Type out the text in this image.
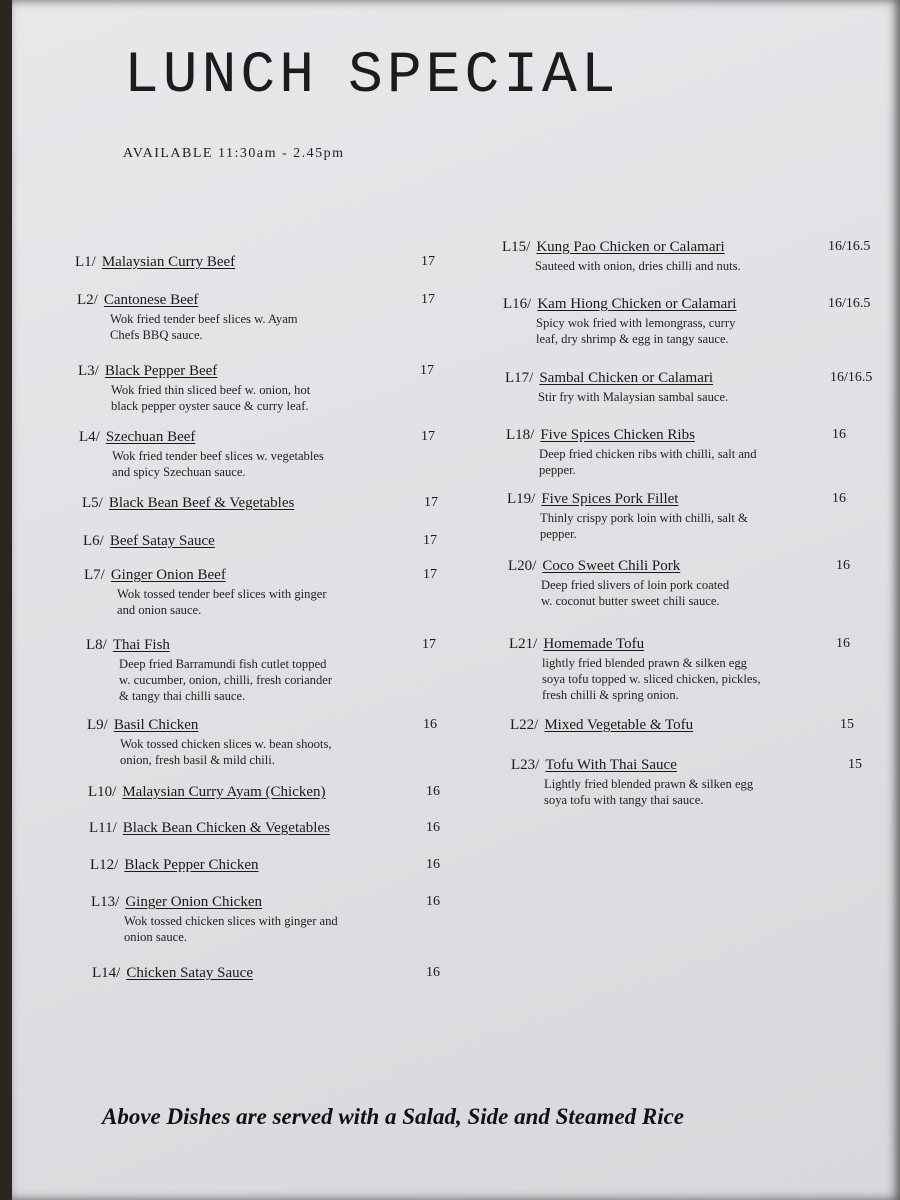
LUNCH SPECIAL
AVAILABLE 11:30am - 2.45pm
L1/ Malaysian Curry Beef	17
L2/ Cantonese Beef	17
Wok fried tender beef slices w. Ayam
Chefs BBQ sauce.
L3/ Black Pepper Beef	17
Wok fried thin sliced beef w. onion, hot
black pepper oyster sauce & curry leaf.
L4/ Szechuan Beef	17
Wok fried tender beef slices w. vegetables
and spicy Szechuan sauce.
L5/ Black Bean Beef & Vegetables	17
L6/ Beef Satay Sauce	17
L7/ Ginger Onion Beef	17
Wok tossed tender beef slices with ginger
and onion sauce.
L8/ Thai Fish	17
Deep fried Barramundi fish cutlet topped
w. cucumber, onion, chilli, fresh coriander
& tangy thai chilli sauce.
L9/ Basil Chicken	16
Wok tossed chicken slices w. bean shoots,
onion, fresh basil & mild chili.
L10/ Malaysian Curry Ayam (Chicken)	16
L11/ Black Bean Chicken & Vegetables	16
L12/ Black Pepper Chicken	16
L13/ Ginger Onion Chicken	16
Wok tossed chicken slices with ginger and
onion sauce.
L14/ Chicken Satay Sauce	16
L15/ Kung Pao Chicken or Calamari	16/16.5
Sauteed with onion, dries chilli and nuts.
L16/ Kam Hiong Chicken or Calamari	16/16.5
Spicy wok fried with lemongrass, curry
leaf, dry shrimp & egg in tangy sauce.
L17/ Sambal Chicken or Calamari	16/16.5
Stir fry with Malaysian sambal sauce.
L18/ Five Spices Chicken Ribs	16
Deep fried chicken ribs with chilli, salt and
pepper.
L19/ Five Spices Pork Fillet	16
Thinly crispy pork loin with chilli, salt &
pepper.
L20/ Coco Sweet Chili Pork	16
Deep fried slivers of loin pork coated
w. coconut butter sweet chili sauce.
L21/ Homemade Tofu	16
lightly fried blended prawn & silken egg
soya tofu topped w. sliced chicken, pickles,
fresh chilli & spring onion.
L22/ Mixed Vegetable & Tofu	15
L23/ Tofu With Thai Sauce	15
Lightly fried blended prawn & silken egg
soya tofu with tangy thai sauce.
Above Dishes are served with a Salad, Side and Steamed Rice
